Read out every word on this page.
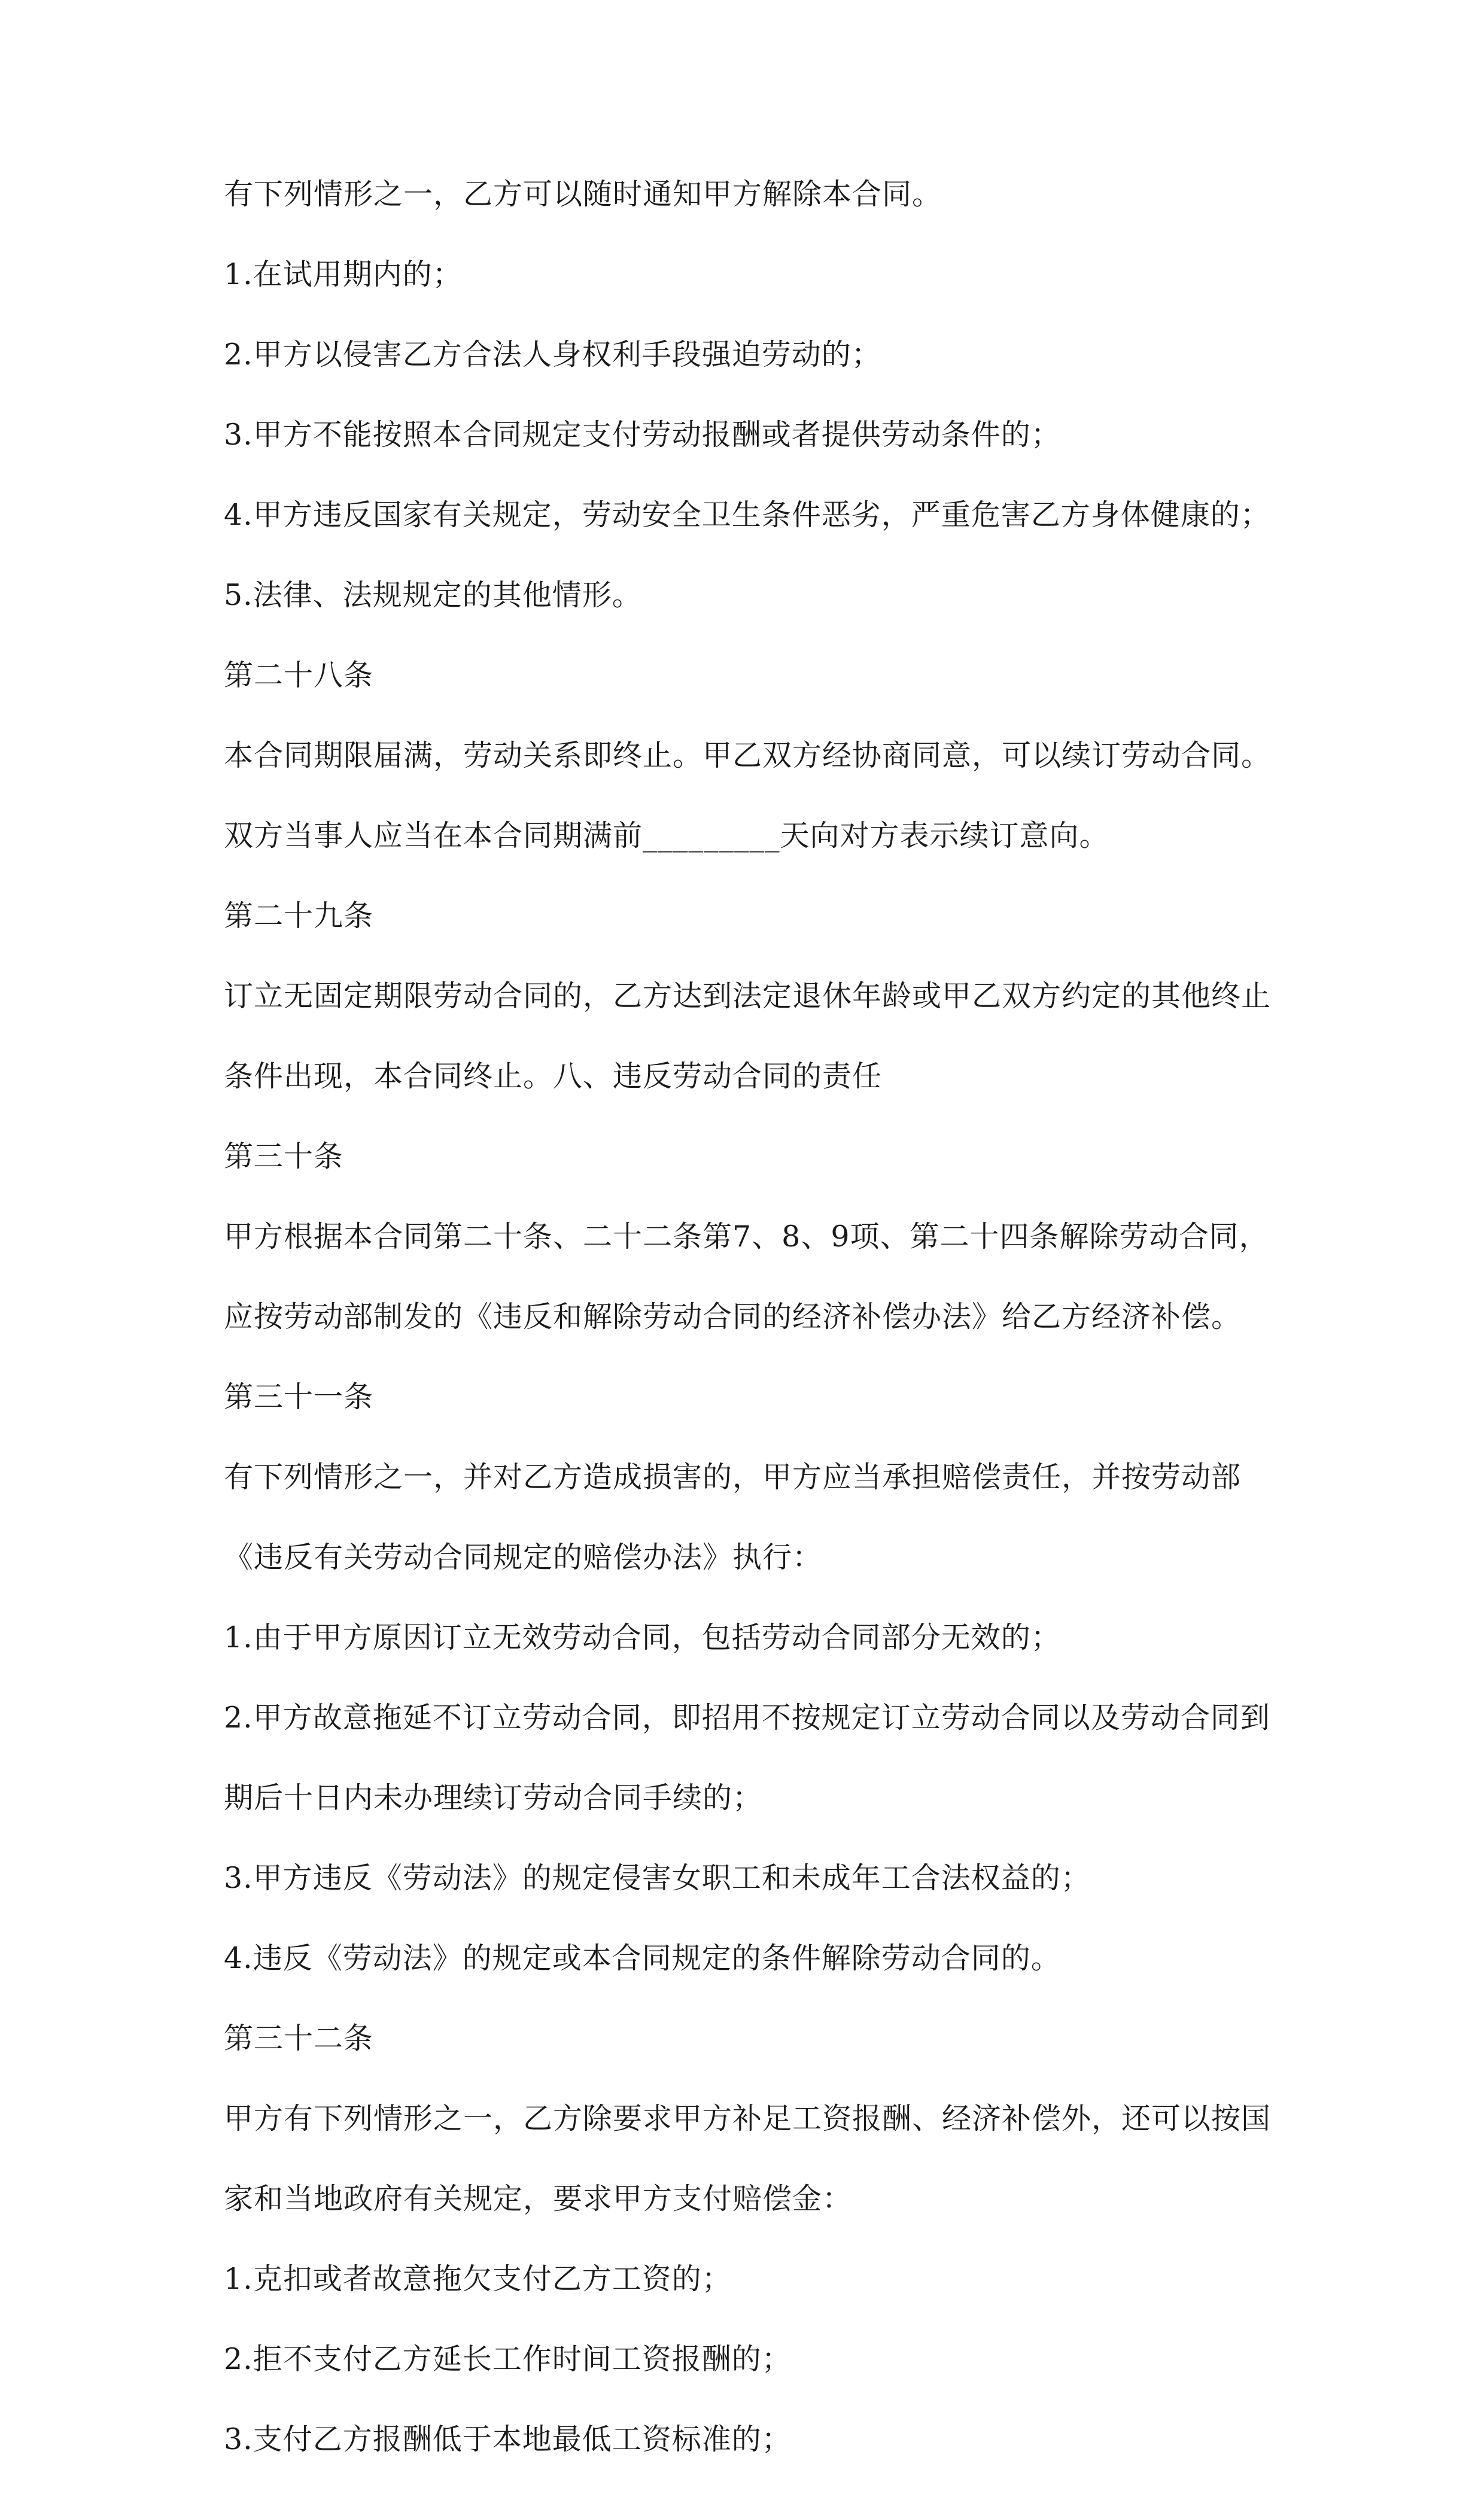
有下列情形之一，乙方可以随时通知甲方解除本合同。
1.在试用期内的；
2.甲方以侵害乙方合法人身权利手段强迫劳动的；
3.甲方不能按照本合同规定支付劳动报酬或者提供劳动条件的；
4.甲方违反国家有关规定，劳动安全卫生条件恶劣，严重危害乙方身体健康的；
5.法律、法规规定的其他情形。
第二十八条
本合同期限届满，劳动关系即终止。甲乙双方经协商同意，可以续订劳动合同。
双方当事人应当在本合同期满前_________天向对方表示续订意向。
第二十九条
订立无固定期限劳动合同的，乙方达到法定退休年龄或甲乙双方约定的其他终止
条件出现，本合同终止。八、违反劳动合同的责任
第三十条
甲方根据本合同第二十条、二十二条第7、8、9项、第二十四条解除劳动合同，
应按劳动部制发的《违反和解除劳动合同的经济补偿办法》给乙方经济补偿。
第三十一条
有下列情形之一，并对乙方造成损害的，甲方应当承担赔偿责任，并按劳动部
《违反有关劳动合同规定的赔偿办法》执行：
1.由于甲方原因订立无效劳动合同，包括劳动合同部分无效的；
2.甲方故意拖延不订立劳动合同，即招用不按规定订立劳动合同以及劳动合同到
期后十日内未办理续订劳动合同手续的；
3.甲方违反《劳动法》的规定侵害女职工和未成年工合法权益的；
4.违反《劳动法》的规定或本合同规定的条件解除劳动合同的。
第三十二条
甲方有下列情形之一，乙方除要求甲方补足工资报酬、经济补偿外，还可以按国
家和当地政府有关规定，要求甲方支付赔偿金：
1.克扣或者故意拖欠支付乙方工资的；
2.拒不支付乙方延长工作时间工资报酬的；
3.支付乙方报酬低于本地最低工资标准的；
